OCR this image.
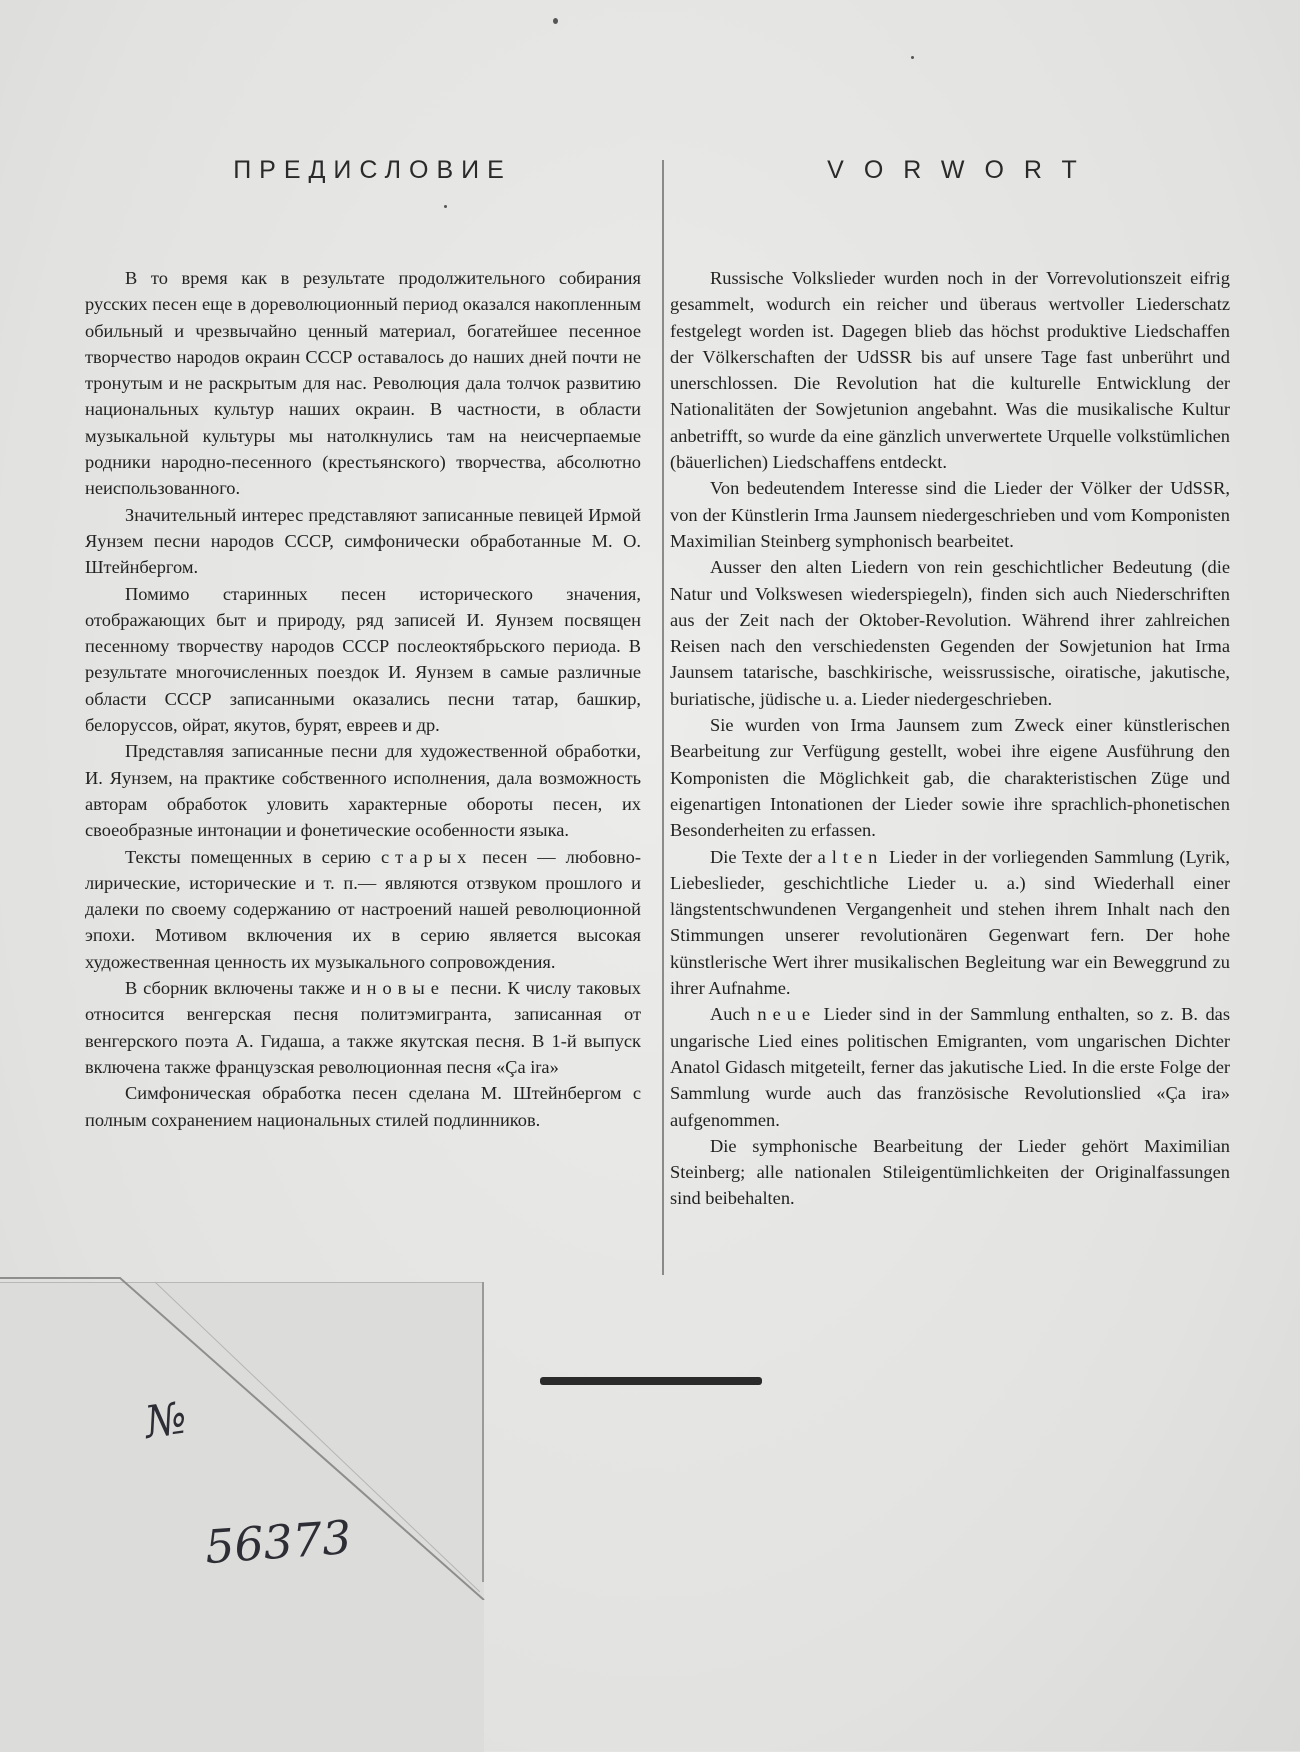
ПРЕДИСЛОВИЕ	VORWORT

В то время как в результате продолжительного собирания русских песен еще в дореволюционный период оказался накопленным обильный и чрезвычайно ценный материал, богатейшее песенное творчество народов окраин СССР оставалось до наших дней почти не тронутым и не раскрытым для нас. Революция дала толчок развитию национальных культур наших окраин. В частности, в области музыкальной культуры мы натолкнулись там на неисчерпаемые родники народно-песенного (крестьянского) творчества, абсолютно неиспользованного.

Значительный интерес представляют записанные певицей Ирмой Яунзем песни народов СССР, симфонически обработанные М. О. Штейнбергом.

Помимо старинных песен исторического значения, отображающих быт и природу, ряд записей И. Яунзем посвящен песенному творчеству народов СССР послеоктябрьского периода. В результате многочисленных поездок И. Яунзем в самые различные области СССР записанными оказались песни татар, башкир, белоруссов, ойрат, якутов, бурят, евреев и др.

Представляя записанные песни для художественной обработки, И. Яунзем, на практике собственного исполнения, дала возможность авторам обработок уловить характерные обороты песен, их своеобразные интонации и фонетические особенности языка.

Тексты помещенных в серию старых песен — любовно-лирические, исторические и т. п.— являются отзвуком прошлого и далеки по своему содержанию от настроений нашей революционной эпохи. Мотивом включения их в серию является высокая художественная ценность их музыкального сопровождения.

В сборник включены также и новые песни. К числу таковых относится венгерская песня политэмигранта, записанная от венгерского поэта А. Гидаша, а также якутская песня. В 1-й выпуск включена также французская революционная песня «Ça ira»

Симфоническая обработка песен сделана М. Штейнбергом с полным сохранением национальных стилей подлинников.

Russische Volkslieder wurden noch in der Vorrevolutionszeit eifrig gesammelt, wodurch ein reicher und überaus wertvoller Liederschatz festgelegt worden ist. Dagegen blieb das höchst produktive Liedschaffen der Völkerschaften der UdSSR bis auf unsere Tage fast unberührt und unerschlossen. Die Revolution hat die kulturelle Entwicklung der Nationalitäten der Sowjetunion angebahnt. Was die musikalische Kultur anbetrifft, so wurde da eine gänzlich unverwertete Urquelle volkstümlichen (bäuerlichen) Liedschaffens entdeckt.

Von bedeutendem Interesse sind die Lieder der Völker der UdSSR, von der Künstlerin Irma Jaunsem niedergeschrieben und vom Komponisten Maximilian Steinberg symphonisch bearbeitet.

Ausser den alten Liedern von rein geschichtlicher Bedeutung (die Natur und Volkswesen wiederspiegeln), finden sich auch Niederschriften aus der Zeit nach der Oktober-Revolution. Während ihrer zahlreichen Reisen nach den verschiedensten Gegenden der Sowjetunion hat Irma Jaunsem tatarische, baschkirische, weissrussische, oiratische, jakutische, buriatische, jüdische u. a. Lieder niedergeschrieben.

Sie wurden von Irma Jaunsem zum Zweck einer künstlerischen Bearbeitung zur Verfügung gestellt, wobei ihre eigene Ausführung den Komponisten die Möglichkeit gab, die charakteristischen Züge und eigenartigen Intonationen der Lieder sowie ihre sprachlich-phonetischen Besonderheiten zu erfassen.

Die Texte der alten Lieder in der vorliegenden Sammlung (Lyrik, Liebeslieder, geschichtliche Lieder u. a.) sind Wiederhall einer längstentschwundenen Vergangenheit und stehen ihrem Inhalt nach den Stimmungen unserer revolutionären Gegenwart fern. Der hohe künstlerische Wert ihrer musikalischen Begleitung war ein Beweggrund zu ihrer Aufnahme.

Auch neue Lieder sind in der Sammlung enthalten, so z. B. das ungarische Lied eines politischen Emigranten, vom ungarischen Dichter Anatol Gidasch mitgeteilt, ferner das jakutische Lied. In die erste Folge der Sammlung wurde auch das französische Revolutionslied «Ça ira» aufgenommen.

Die symphonische Bearbeitung der Lieder gehört Maximilian Steinberg; alle nationalen Stileigentümlichkeiten der Originalfassungen sind beibehalten.

№
56373
